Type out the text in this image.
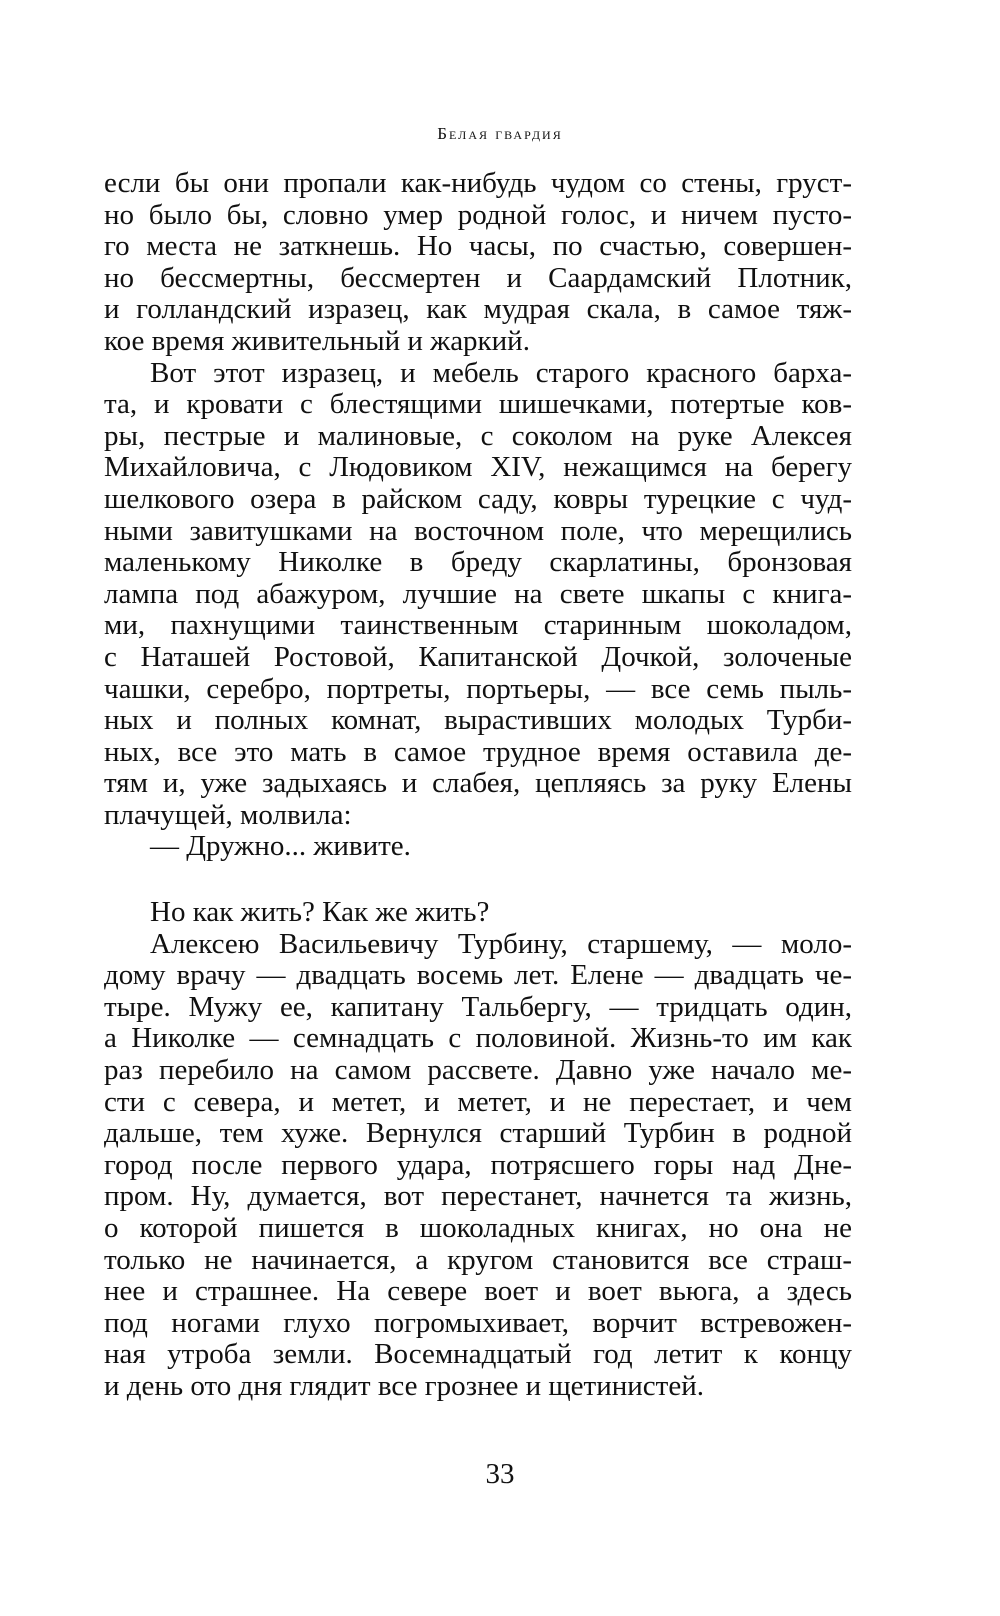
Белая гвардия
если бы они пропали как-нибудь чудом со стены, груст-
но было бы, словно умер родной голос, и ничем пусто-
го места не заткнешь. Но часы, по счастью, совершен-
но бессмертны, бессмертен и Саардамский Плотник,
и голландский изразец, как мудрая скала, в самое тяж-
кое время живительный и жаркий.
Вот этот изразец, и мебель старого красного барха-
та, и кровати с блестящими шишечками, потертые ков-
ры, пестрые и малиновые, с соколом на руке Алексея
Михайловича, с Людовиком XIV, нежащимся на берегу
шелкового озера в райском саду, ковры турецкие с чуд-
ными завитушками на восточном поле, что мерещились
маленькому Николке в бреду скарлатины, бронзовая
лампа под абажуром, лучшие на свете шкапы с книга-
ми, пахнущими таинственным старинным шоколадом,
с Наташей Ростовой, Капитанской Дочкой, золоченые
чашки, серебро, портреты, портьеры, — все семь пыль-
ных и полных комнат, вырастивших молодых Турби-
ных, все это мать в самое трудное время оставила де-
тям и, уже задыхаясь и слабея, цепляясь за руку Елены
плачущей, молвила:
— Дружно... живите.
Но как жить? Как же жить?
Алексею Васильевичу Турбину, старшему, — моло-
дому врачу — двадцать восемь лет. Елене — двадцать че-
тыре. Мужу ее, капитану Тальбергу, — тридцать один,
а Николке — семнадцать с половиной. Жизнь-то им как
раз перебило на самом рассвете. Давно уже начало ме-
сти с севера, и метет, и метет, и не перестает, и чем
дальше, тем хуже. Вернулся старший Турбин в родной
город после первого удара, потрясшего горы над Дне-
пром. Ну, думается, вот перестанет, начнется та жизнь,
о которой пишется в шоколадных книгах, но она не
только не начинается, а кругом становится все страш-
нее и страшнее. На севере воет и воет вьюга, а здесь
под ногами глухо погромыхивает, ворчит встревожен-
ная утроба земли. Восемнадцатый год летит к концу
и день ото дня глядит все грознее и щетинистей.
33
